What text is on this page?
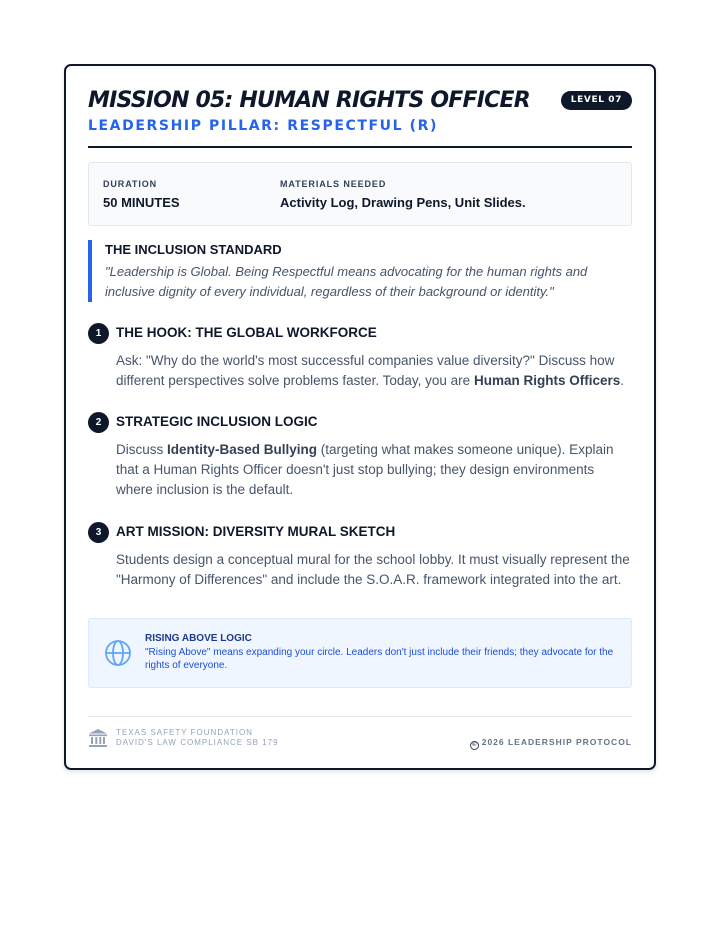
MISSION 05: HUMAN RIGHTS OFFICER	LEVEL 07
LEADERSHIP PILLAR: RESPECTFUL (R)
DURATION
50 MINUTES
MATERIALS NEEDED
Activity Log, Drawing Pens, Unit Slides.
THE INCLUSION STANDARD
"Leadership is Global. Being Respectful means advocating for the human rights and inclusive dignity of every individual, regardless of their background or identity."
1	THE HOOK: THE GLOBAL WORKFORCE
Ask: "Why do the world's most successful companies value diversity?" Discuss how different perspectives solve problems faster. Today, you are Human Rights Officers.
2	STRATEGIC INCLUSION LOGIC
Discuss Identity-Based Bullying (targeting what makes someone unique). Explain that a Human Rights Officer doesn't just stop bullying; they design environments where inclusion is the default.
3	ART MISSION: DIVERSITY MURAL SKETCH
Students design a conceptual mural for the school lobby. It must visually represent the "Harmony of Differences" and include the S.O.A.R. framework integrated into the art.
RISING ABOVE LOGIC
"Rising Above" means expanding your circle. Leaders don't just include their friends; they advocate for the rights of everyone.
TEXAS SAFETY FOUNDATION
DAVID'S LAW COMPLIANCE SB 179	© 2026 LEADERSHIP PROTOCOL
